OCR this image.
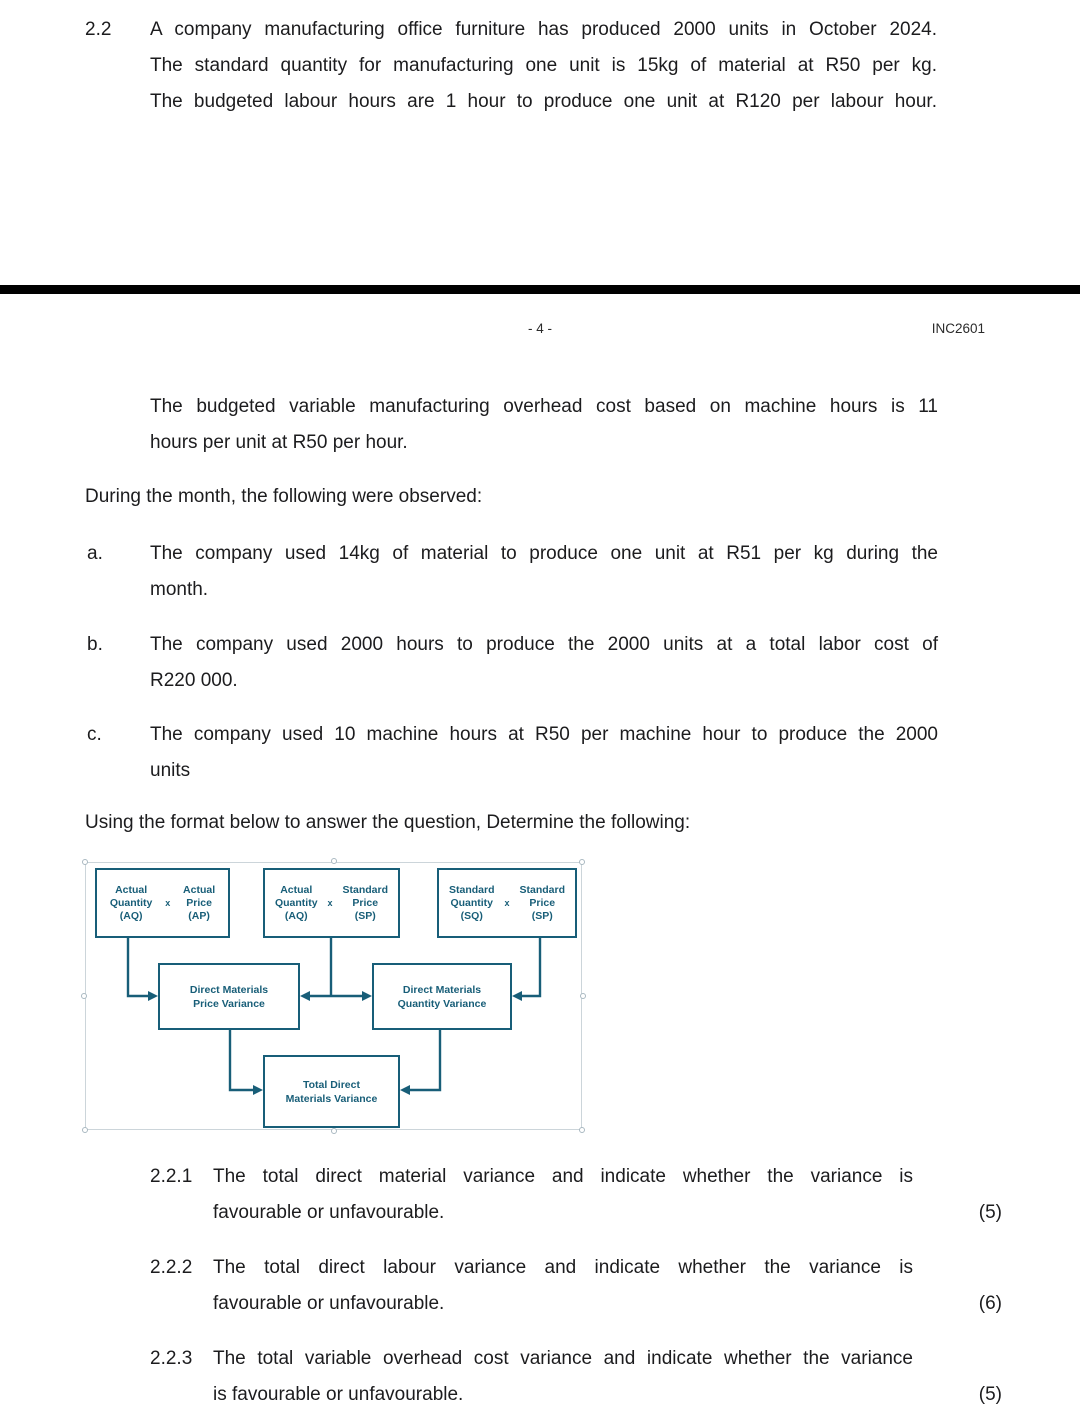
2.2 A company manufacturing office furniture has produced 2000 units in October 2024.
The standard quantity for manufacturing one unit is 15kg of material at R50 per kg.
The budgeted labour hours are 1 hour to produce one unit at R120 per labour hour.
- 4 -	INC2601
The budgeted variable manufacturing overhead cost based on machine hours is 11
hours per unit at R50 per hour.
During the month, the following were observed:
a. The company used 14kg of material to produce one unit at R51 per kg during the
month.
b. The company used 2000 hours to produce the 2000 units at a total labor cost of
R220 000.
c.	The company used 10 machine hours at R50 per machine hour to produce the 2000
units
Using the format below to answer the question, Determine the following:
Actual
Quantity
(AQ)
x
Actual
Price
(AP)
Actual
Quantity
(AQ)
x
Standard
Price
(SP)
Standard
Quantity
(SQ)
x
Standard
Price
(SP)
Direct Materials
Price Variance
Direct Materials
Quantity Variance
Total Direct
Materials Variance
2.2.1 The total direct material variance and indicate whether the variance is
favourable or unfavourable.	(5)
2.2.2 The total direct labour variance and indicate whether the variance is
favourable or unfavourable.	(6)
2.2.3 The total variable overhead cost variance and indicate whether the variance
is favourable or unfavourable.	(5)
